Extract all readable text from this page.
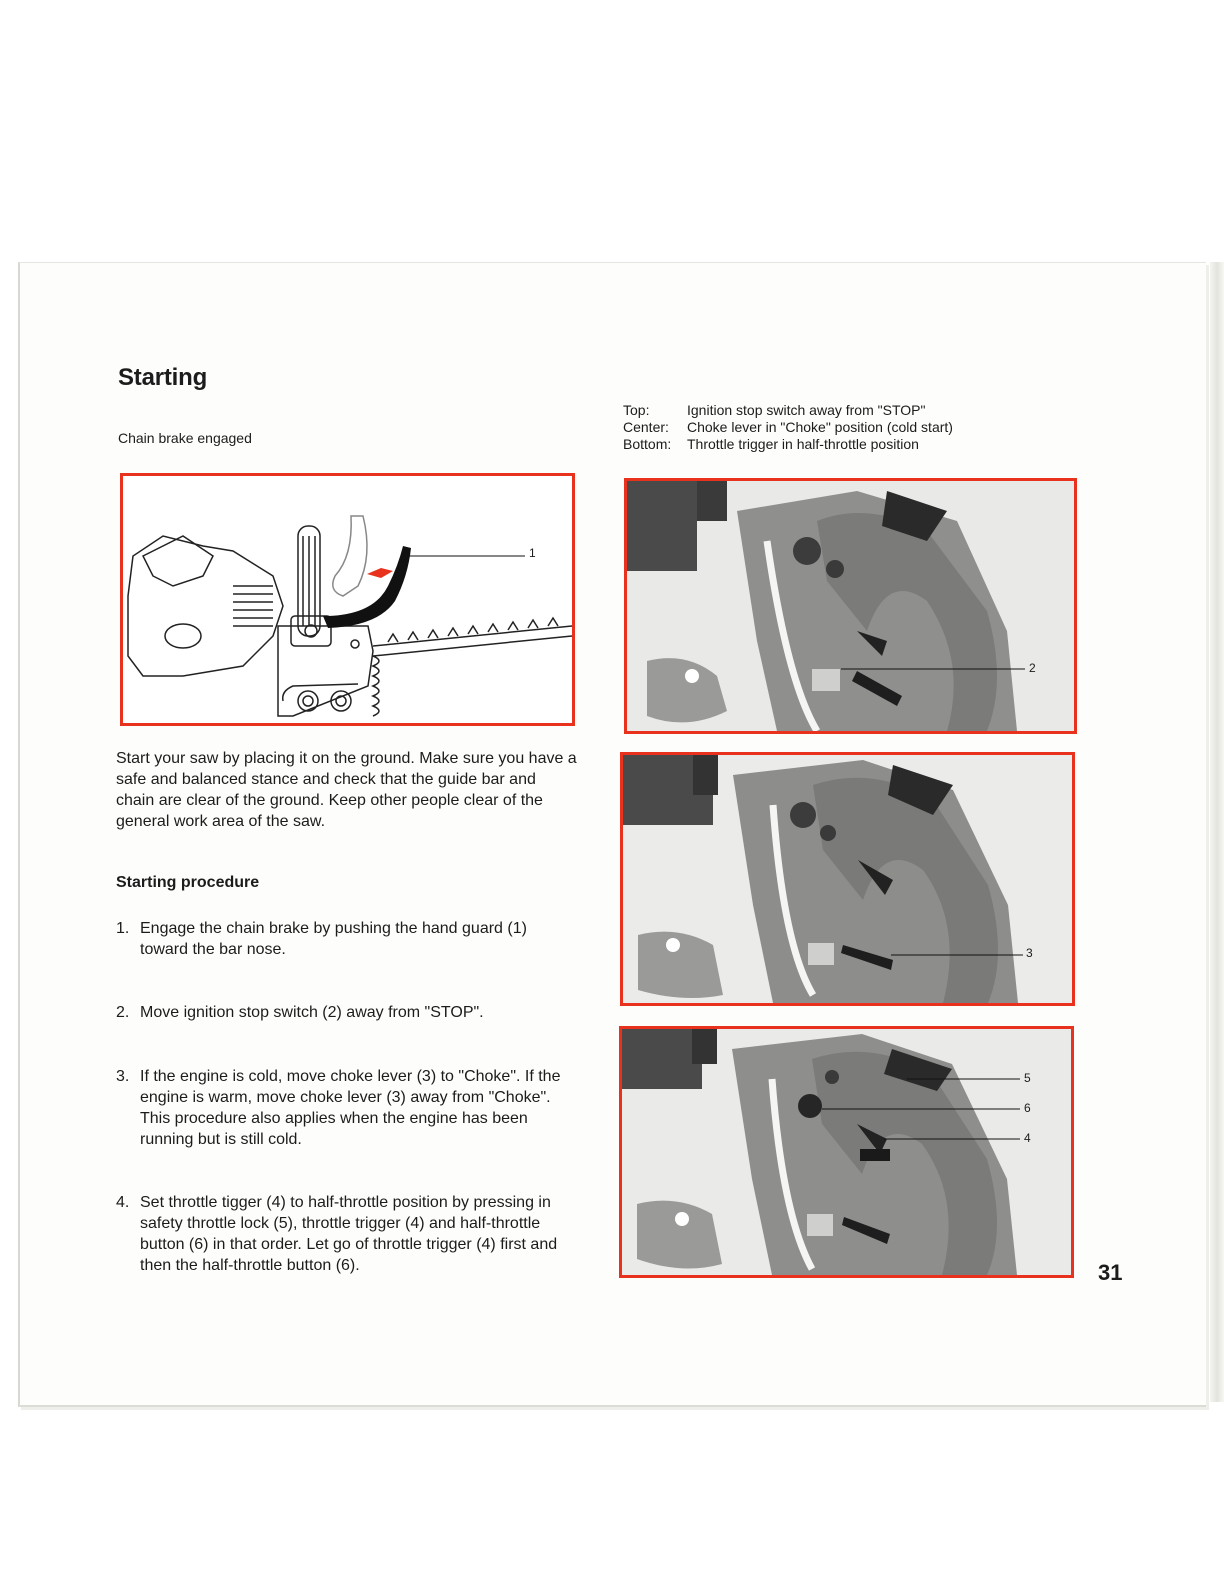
Starting
Chain brake engaged
Top:	Ignition stop switch away from "STOP"
Center:	Choke lever in "Choke" position (cold start)
Bottom:	Throttle trigger in half-throttle position
1

Start your saw by placing it on the ground. Make sure you have a safe and balanced stance and check that the guide bar and chain are clear of the ground. Keep other people clear of the general work area of the saw.

Starting procedure
1. Engage the chain brake by pushing the hand guard (1) toward the bar nose.
2. Move ignition stop switch (2) away from "STOP".
3. If the engine is cold, move choke lever (3) to "Choke". If the engine is warm, move choke lever (3) away from "Choke". This procedure also applies when the engine has been running but is still cold.
4. Set throttle tigger (4) to half-throttle position by pressing in safety throttle lock (5), throttle trigger (4) and half-throttle button (6) in that order. Let go of throttle trigger (4) first and then the half-throttle button (6).
2
3
5
6
4
31
